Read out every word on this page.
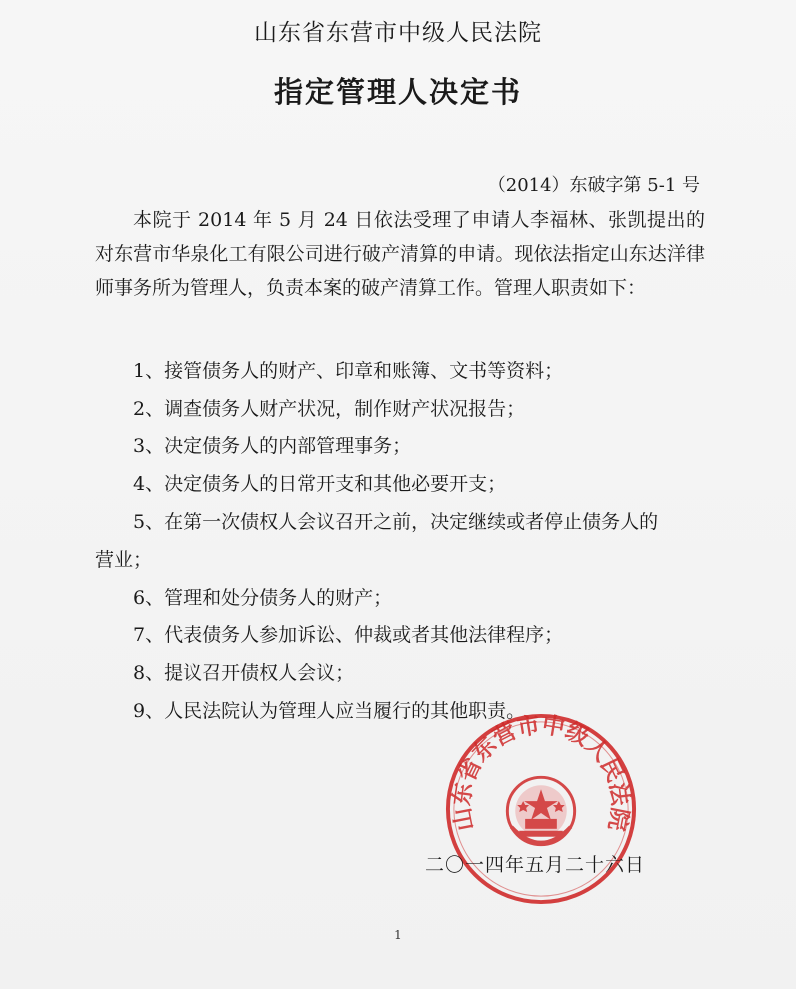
山东省东营市中级人民法院
指定管理人决定书
（2014）东破字第 5-1 号
本院于 2014 年 5 月 24 日依法受理了申请人李福林、张凯提出的对东营市华泉化工有限公司进行破产清算的申请。现依法指定山东达洋律师事务所为管理人，负责本案的破产清算工作。管理人职责如下：
1、接管债务人的财产、印章和账簿、文书等资料；
2、调查债务人财产状况，制作财产状况报告；
3、决定债务人的内部管理事务；
4、决定债务人的日常开支和其他必要开支；
5、在第一次债权人会议召开之前，决定继续或者停止债务人的
营业；
6、管理和处分债务人的财产；
7、代表债务人参加诉讼、仲裁或者其他法律程序；
8、提议召开债权人会议；
9、人民法院认为管理人应当履行的其他职责。
山东省东营市中级人民法院
二〇一四年五月二十六日
1
